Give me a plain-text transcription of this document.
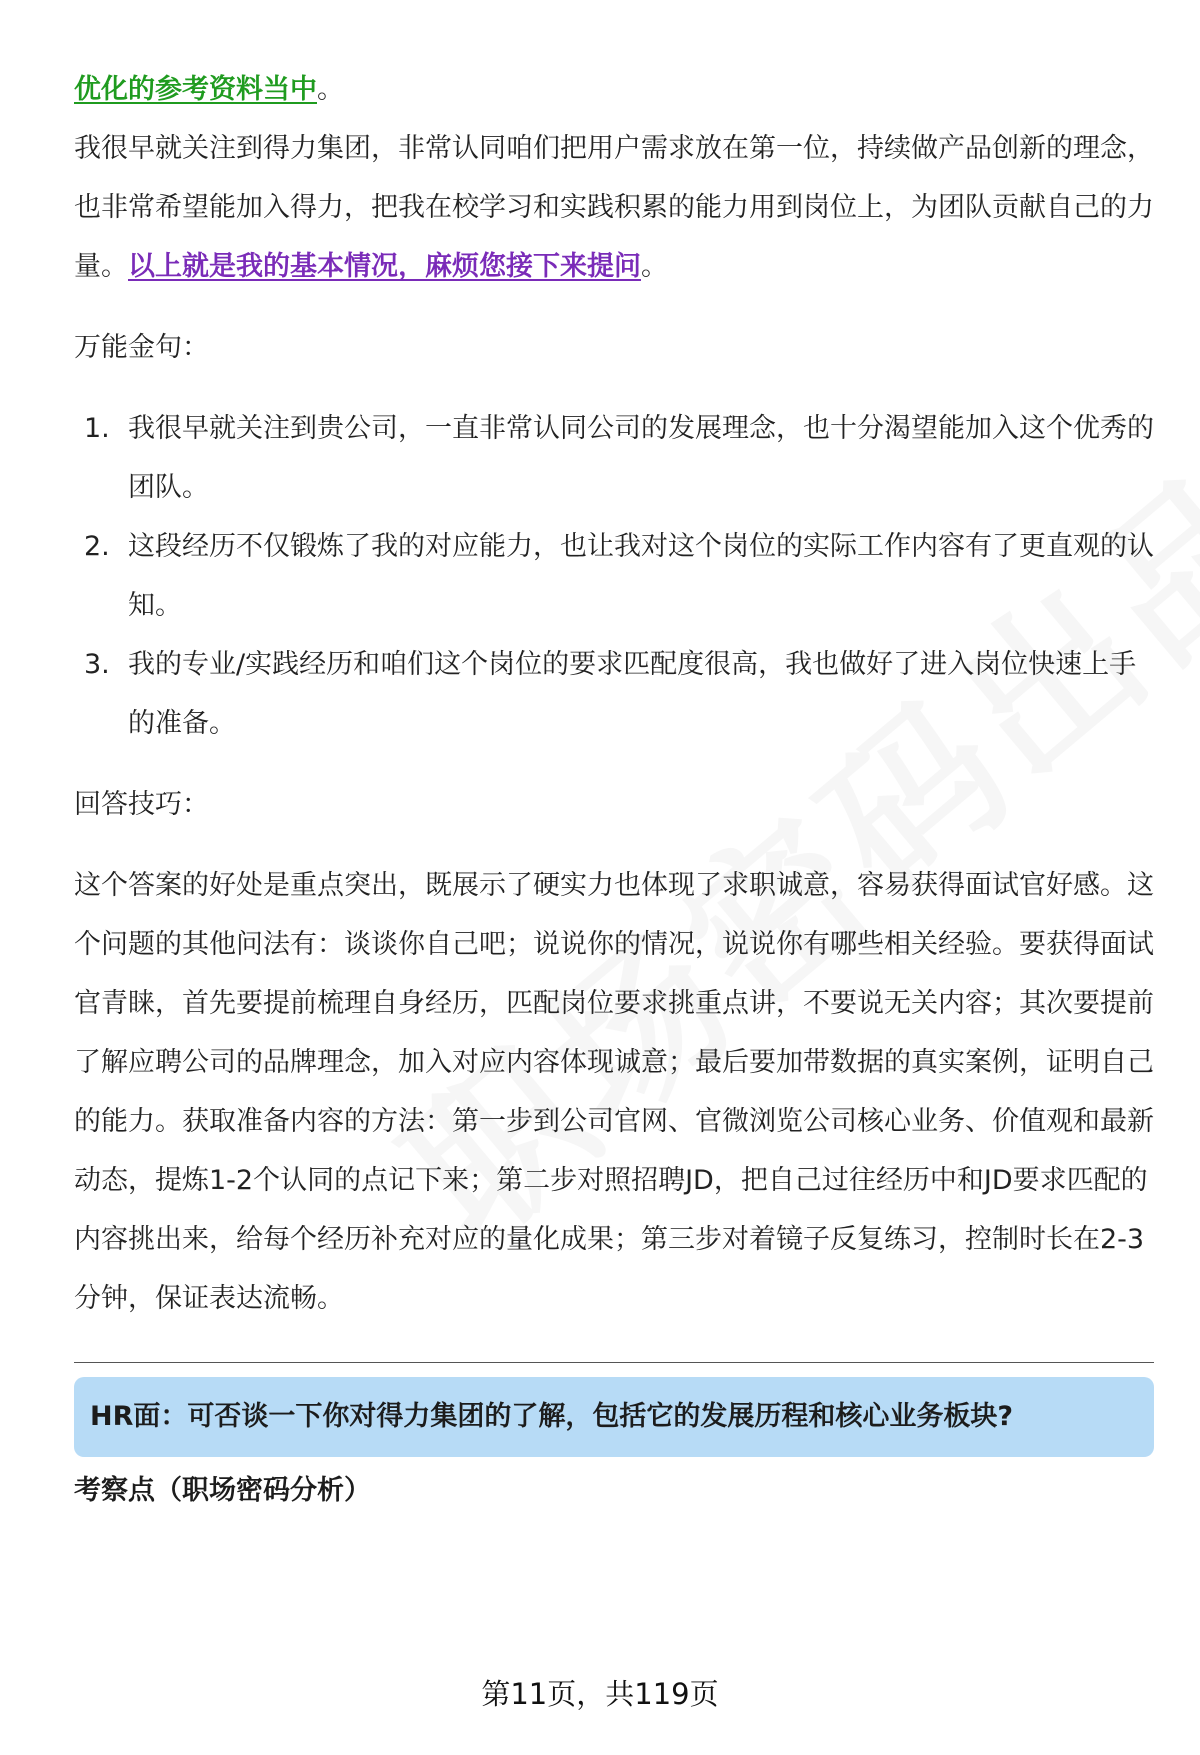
优化的参考资料当中。

我很早就关注到得力集团，非常认同咱们把用户需求放在第一位，持续做产品创新的理念，也非常希望能加入得力，把我在校学习和实践积累的能力用到岗位上，为团队贡献自己的力量。以上就是我的基本情况，麻烦您接下来提问。

万能金句：

1. 我很早就关注到贵公司，一直非常认同公司的发展理念，也十分渴望能加入这个优秀的团队。
2. 这段经历不仅锻炼了我的对应能力，也让我对这个岗位的实际工作内容有了更直观的认知。
3. 我的专业/实践经历和咱们这个岗位的要求匹配度很高，我也做好了进入岗位快速上手的准备。

回答技巧：

这个答案的好处是重点突出，既展示了硬实力也体现了求职诚意，容易获得面试官好感。这个问题的其他问法有：谈谈你自己吧；说说你的情况，说说你有哪些相关经验。要获得面试官青睐，首先要提前梳理自身经历，匹配岗位要求挑重点讲，不要说无关内容；其次要提前了解应聘公司的品牌理念，加入对应内容体现诚意；最后要加带数据的真实案例，证明自己的能力。获取准备内容的方法：第一步到公司官网、官微浏览公司核心业务、价值观和最新动态，提炼1-2个认同的点记下来；第二步对照招聘JD，把自己过往经历中和JD要求匹配的内容挑出来，给每个经历补充对应的量化成果；第三步对着镜子反复练习，控制时长在2-3分钟，保证表达流畅。

HR面：可否谈一下你对得力集团的了解，包括它的发展历程和核心业务板块?
考察点（职场密码分析）
第11页，共119页
